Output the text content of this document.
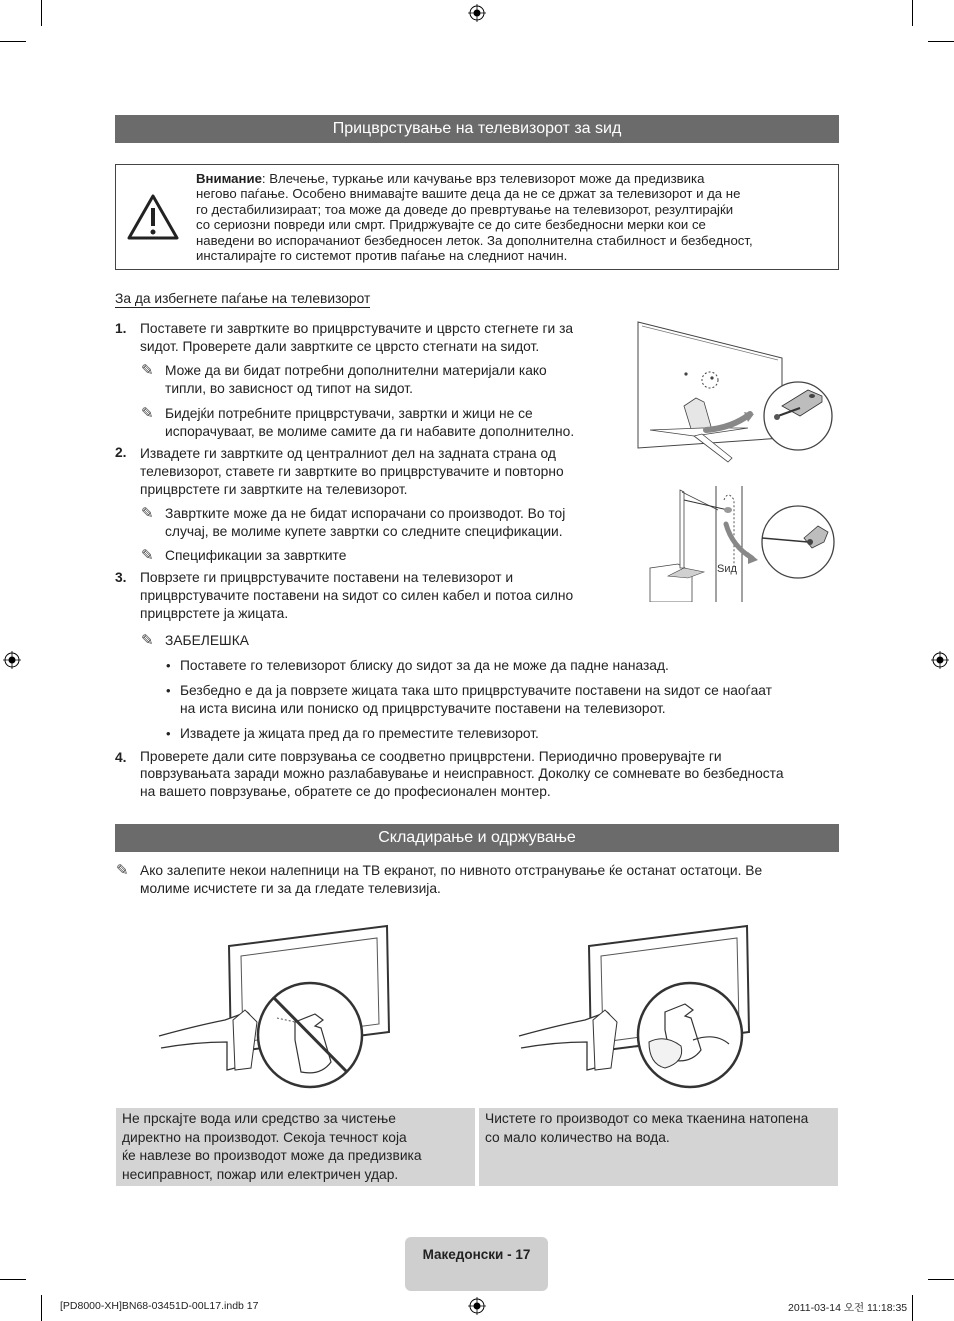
Прицврстување на телевизорот за ѕид
Внимание: Влечење, туркање или качување врз телевизорот може да предизвика
негово паѓање. Особено внимавајте вашите деца да не се држат за телевизорот и да не
го дестабилизираат; тоа може да доведе до превртување на телевизорот, резултирајќи
со сериозни повреди или смрт. Придржувајте се до сите безбедносни мерки кои се
наведени во испорачаниот безбедносен леток. За дополнителна стабилност и безбедност,
инсталирајте го системот против паѓање на следниот начин.
За да избегнете паѓање на телевизорот
1. Поставете ги завртките во прицврстувачите и цврсто стегнете ги за
ѕидот. Проверете дали завртките се цврсто стегнати на ѕидот.
✎ Може да ви бидат потребни дополнителни материјали како
типли, во зависност од типот на ѕидот.
✎ Бидејќи потребните прицврстувачи, завртки и жици не се
испорачуваат, ве молиме самите да ги набавите дополнително.
2. Извадете ги завртките од централниот дел на задната страна од
телевизорот, ставете ги завртките во прицврстувачите и повторно
прицврстете ги завртките на телевизорот.
✎ Завртките може да не бидат испорачани со производот. Во тој
случај, ве молиме купете завртки со следните спецификации.
✎ Спецификации за завртките
3. Поврзете ги прицврстувачите поставени на телевизорот и
прицврстувачите поставени на ѕидот со силен кабел и потоа силно
прицврстете ја жицата.
✎ ЗАБЕЛЕШКА
• Поставете го телевизорот блиску до ѕидот за да не може да падне наназад.
• Безбедно е да ја поврзете жицата така што прицврстувачите поставени на ѕидот се наоѓаат
на иста висина или пониско од прицврстувачите поставени на телевизорот.
• Извадете ја жицата пред да го преместите телевизорот.
4. Проверете дали сите поврзувања се соодветно прицврстени. Периодично проверувајте ги
поврзувањата заради можно разлабавување и неисправност. Доколку се сомневате во безбедноста
на вашето поврзување, обратете се до професионален монтер.
Ѕид
Складирање и одржување
✎ Ако залепите некои налепници на ТВ екранот, по нивното отстранување ќе останат остатоци. Ве
молиме исчистете ги за да гледате телевизија.
Не прскајте вода или средство за чистење
директно на производот. Секоја течност која
ќе навлезе во производот може да предизвика
несиправност, пожар или електричен удар.
Чистете го производот со мека ткаенина натопена
со мало количество на вода.
Македонски - 17
[PD8000-XH]BN68-03451D-00L17.indb 17	2011-03-14 오전 11:18:35
